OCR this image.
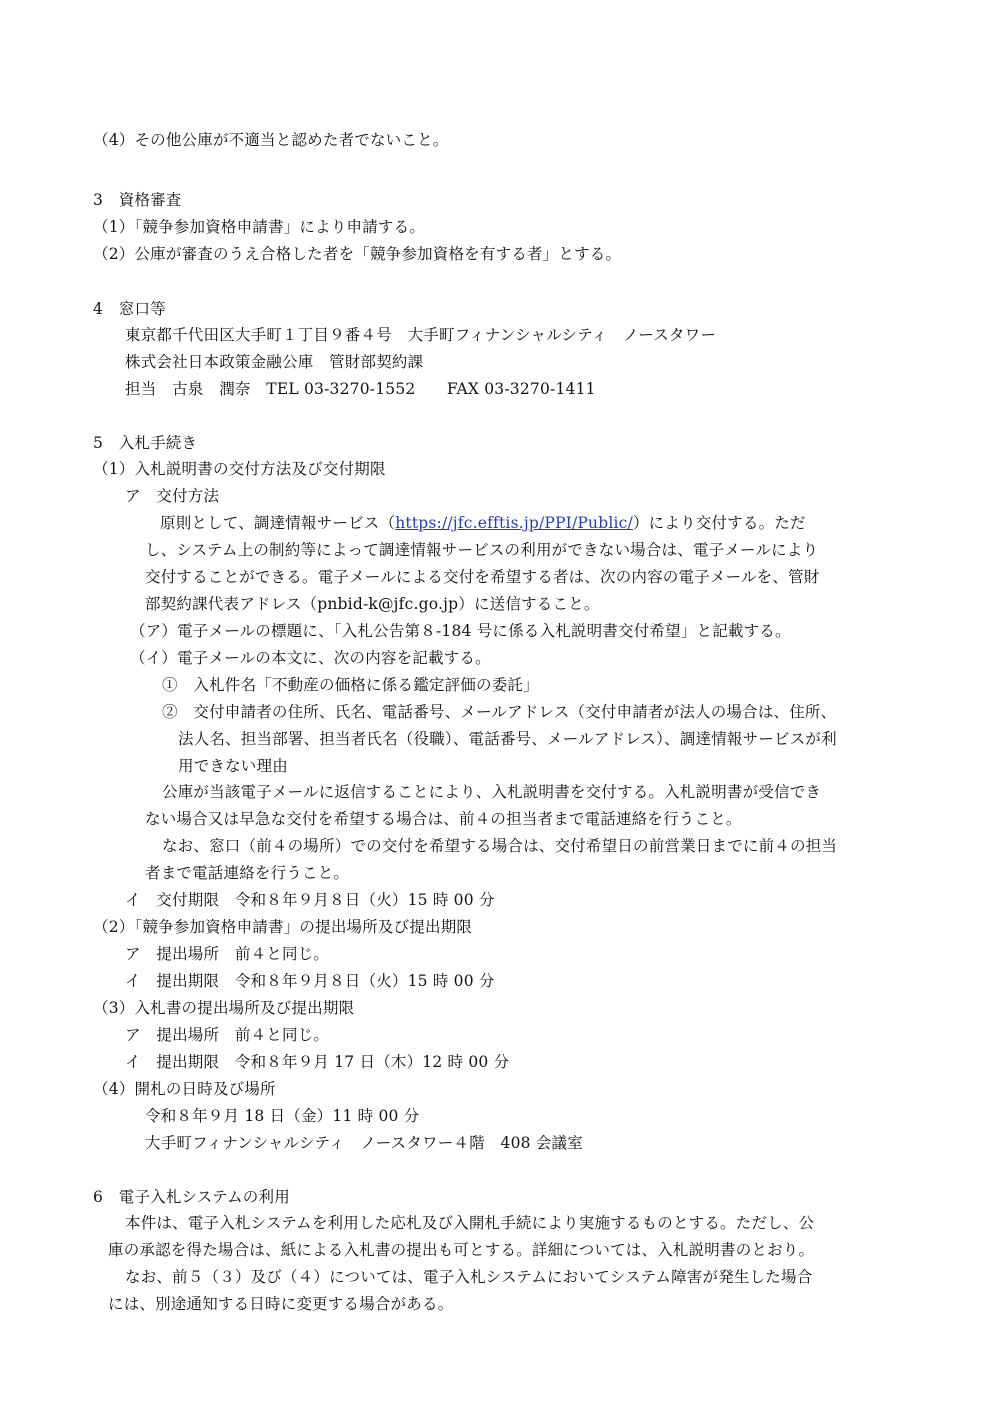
（4）その他公庫が不適当と認めた者でないこと。
3　資格審査
（1）「競争参加資格申請書」により申請する。
（2）公庫が審査のうえ合格した者を「競争参加資格を有する者」とする。
4　窓口等
東京都千代田区大手町１丁目９番４号　大手町フィナンシャルシティ　ノースタワー
株式会社日本政策金融公庫　管財部契約課
担当　古泉　潤奈　TEL 03-3270-1552　　FAX 03-3270-1411
5　入札手続き
（1）入札説明書の交付方法及び交付期限
ア　交付方法
原則として、調達情報サービス（https://jfc.efftis.jp/PPI/Public/）により交付する。ただ
し、システム上の制約等によって調達情報サービスの利用ができない場合は、電子メールにより
交付することができる。電子メールによる交付を希望する者は、次の内容の電子メールを、管財
部契約課代表アドレス（pnbid-k@jfc.go.jp）に送信すること。
（ア）電子メールの標題に、「入札公告第８-184 号に係る入札説明書交付希望」と記載する。
（イ）電子メールの本文に、次の内容を記載する。
①　入札件名「不動産の価格に係る鑑定評価の委託」
②　交付申請者の住所、氏名、電話番号、メールアドレス（交付申請者が法人の場合は、住所、
法人名、担当部署、担当者氏名（役職）、電話番号、メールアドレス）、調達情報サービスが利
用できない理由
公庫が当該電子メールに返信することにより、入札説明書を交付する。入札説明書が受信でき
ない場合又は早急な交付を希望する場合は、前４の担当者まで電話連絡を行うこと。
なお、窓口（前４の場所）での交付を希望する場合は、交付希望日の前営業日までに前４の担当
者まで電話連絡を行うこと。
イ　交付期限　令和８年９月８日（火）15 時 00 分
（2）「競争参加資格申請書」の提出場所及び提出期限
ア　提出場所　前４と同じ。
イ　提出期限　令和８年９月８日（火）15 時 00 分
（3）入札書の提出場所及び提出期限
ア　提出場所　前４と同じ。
イ　提出期限　令和８年９月 17 日（木）12 時 00 分
（4）開札の日時及び場所
令和８年９月 18 日（金）11 時 00 分
大手町フィナンシャルシティ　ノースタワー４階　408 会議室
6　電子入札システムの利用
本件は、電子入札システムを利用した応札及び入開札手続により実施するものとする。ただし、公
庫の承認を得た場合は、紙による入札書の提出も可とする。詳細については、入札説明書のとおり。
なお、前５（３）及び（４）については、電子入札システムにおいてシステム障害が発生した場合
には、別途通知する日時に変更する場合がある。
